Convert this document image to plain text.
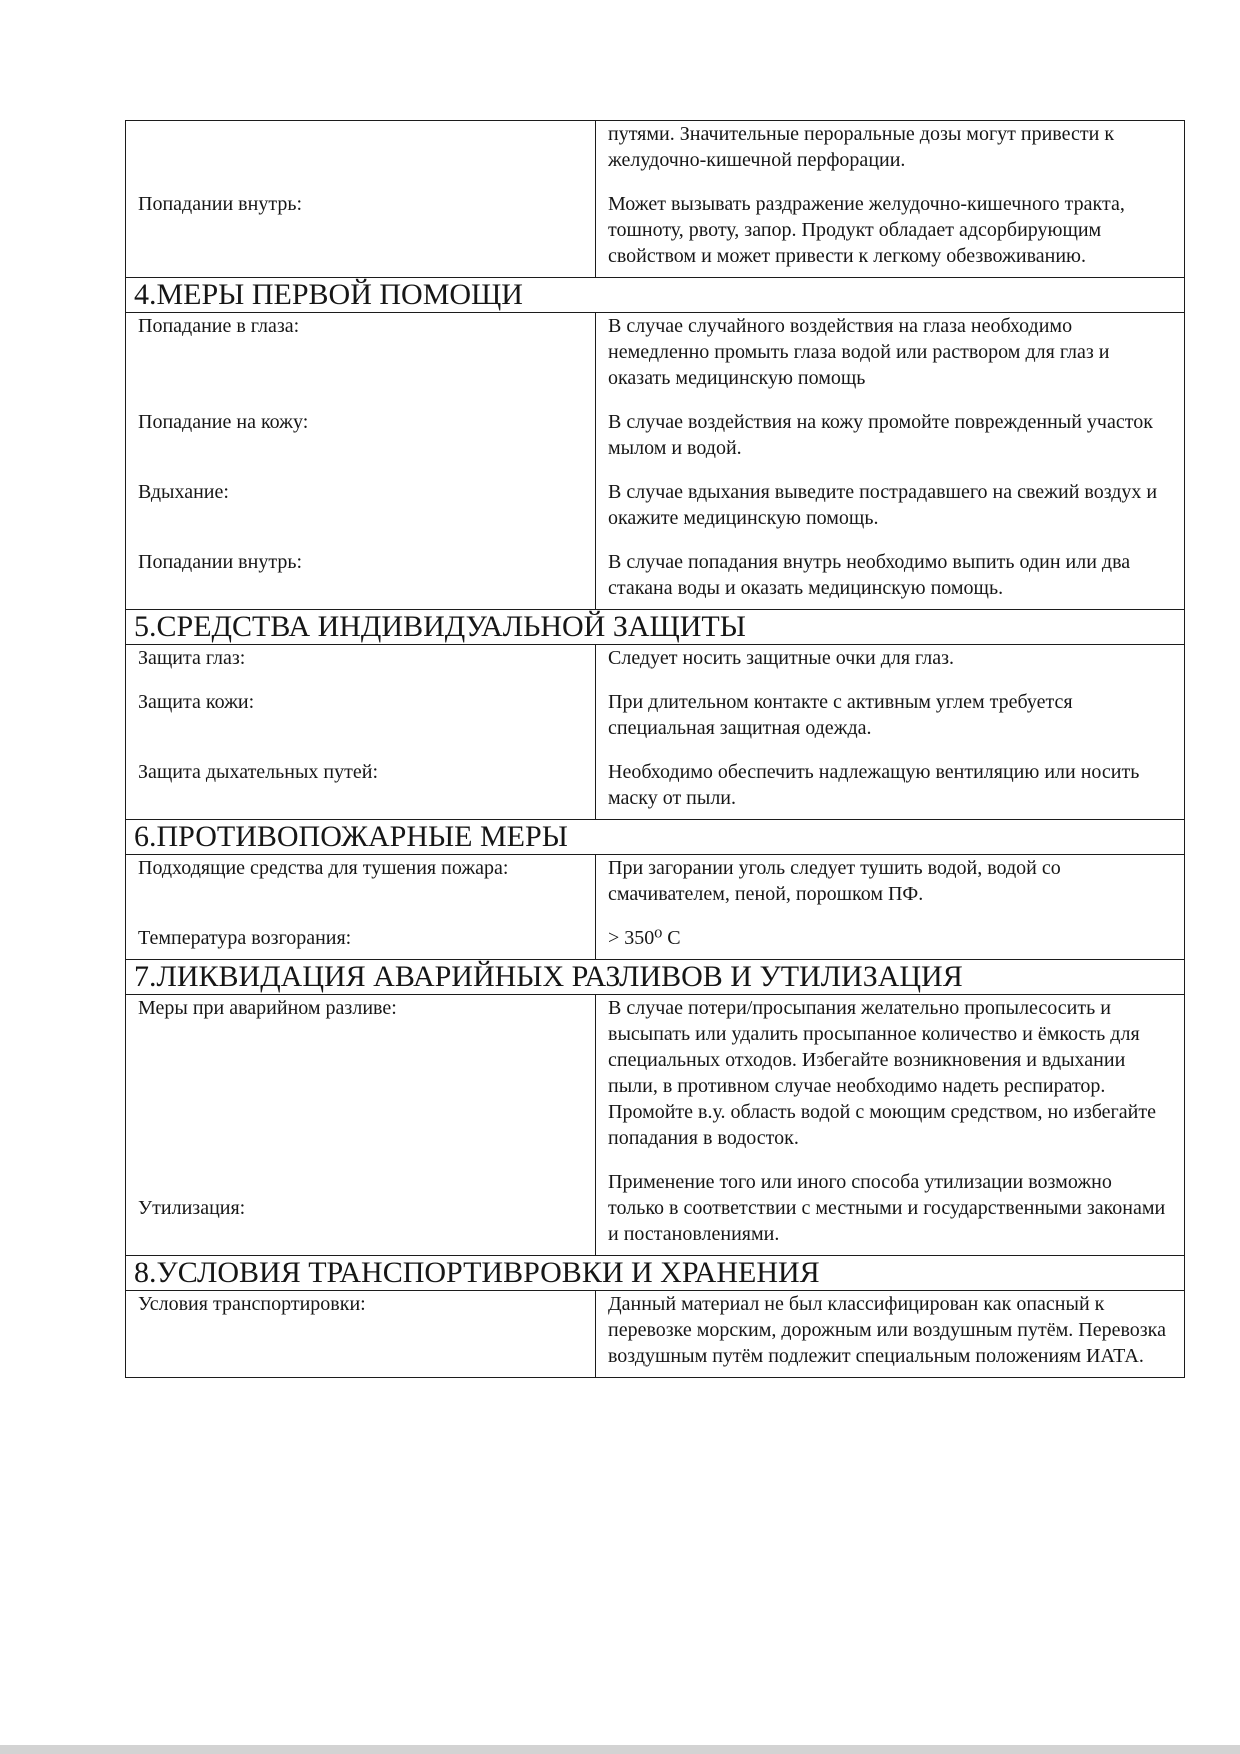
Попадании внутрь:
путями. Значительные пероральные дозы могут привести к желудочно-кишечной перфорации.
Может вызывать раздражение желудочно-кишечного тракта, тошноту, рвоту, запор. Продукт обладает адсорбирующим свойством и может привести к легкому обезвоживанию.
4.МЕРЫ ПЕРВОЙ ПОМОЩИ
Попадание в глаза:
Попадание на кожу:
Вдыхание:
Попадании внутрь:
В случае случайного воздействия на глаза необходимо немедленно промыть глаза водой или раствором для глаз и оказать медицинскую помощь
В случае воздействия на кожу промойте поврежденный участок мылом и водой.
В случае вдыхания выведите пострадавшего на свежий воздух и окажите медицинскую помощь.
В случае попадания внутрь необходимо выпить один или два стакана воды и оказать медицинскую помощь.
5.СРЕДСТВА ИНДИВИДУАЛЬНОЙ ЗАЩИТЫ
Защита глаз:
Защита кожи:
Защита дыхательных путей:
Следует носить защитные очки для глаз.
При длительном контакте с активным углем требуется специальная защитная одежда.
Необходимо обеспечить надлежащую вентиляцию или носить маску от пыли.
6.ПРОТИВОПОЖАРНЫЕ МЕРЫ
Подходящие средства для тушения пожара:
Температура возгорания:
При загорании уголь следует тушить водой, водой со смачивателем, пеной, порошком ПФ.
> 350⁰ С
7.ЛИКВИДАЦИЯ АВАРИЙНЫХ РАЗЛИВОВ И УТИЛИЗАЦИЯ
Меры при аварийном разливе:
Утилизация:
В случае потери/просыпания желательно пропылесосить и высыпать или удалить просыпанное количество и ёмкость для специальных отходов. Избегайте возникновения и вдыхании пыли, в противном случае необходимо надеть респиратор. Промойте в.у. область водой с моющим средством, но избегайте попадания в водосток.
Применение того или иного способа утилизации возможно только в соответствии с местными и государственными законами и постановлениями.
8.УСЛОВИЯ ТРАНСПОРТИВРОВКИ И ХРАНЕНИЯ
Условия транспортировки:	Данный материал не был классифицирован как опасный к перевозке морским, дорожным или воздушным путём. Перевозка воздушным путём подлежит специальным положениям ИАТА.
